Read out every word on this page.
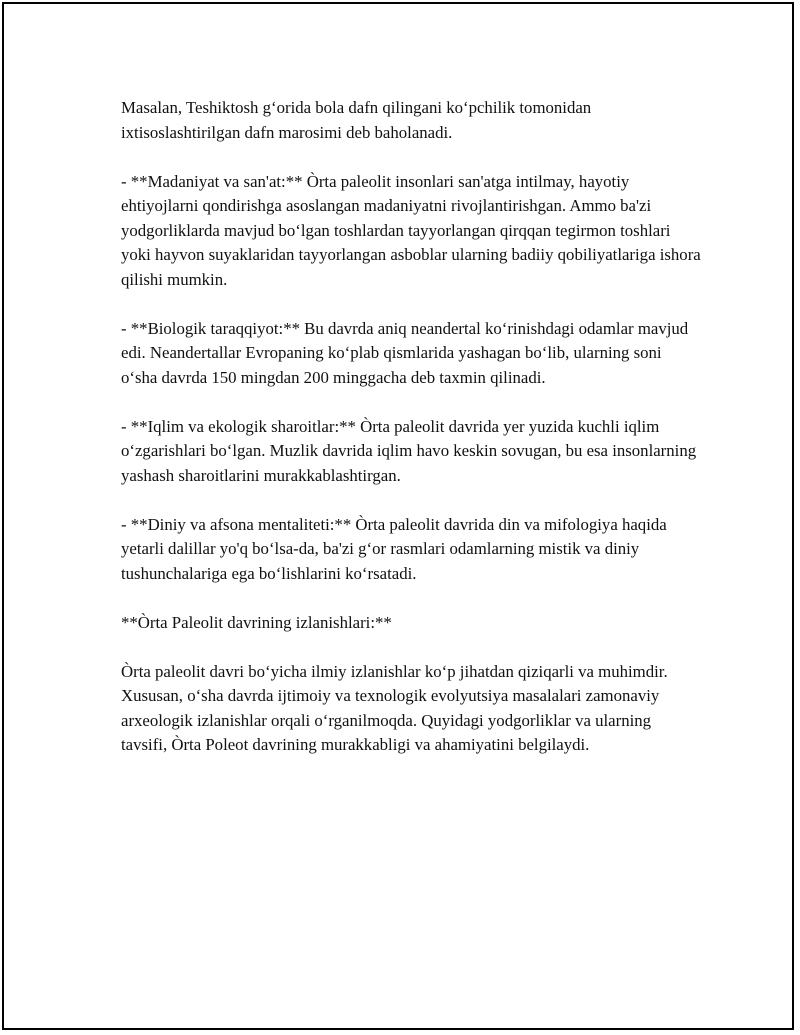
Masalan, Teshiktosh g‘orida bola dafn qilingani ko‘pchilik tomonidan ixtisoslashtirilgan dafn marosimi deb baholanadi.

- **Madaniyat va san'at:** Òrta paleolit insonlari san'atga intilmay, hayotiy ehtiyojlarni qondirishga asoslangan madaniyatni rivojlantirishgan. Ammo ba'zi yodgorliklarda mavjud bo‘lgan toshlardan tayyorlangan qirqqan tegirmon toshlari yoki hayvon suyaklaridan tayyorlangan asboblar ularning badiiy qobiliyatlariga ishora qilishi mumkin.

- **Biologik taraqqiyot:** Bu davrda aniq neandertal ko‘rinishdagi odamlar mavjud edi. Neandertallar Evropaning ko‘plab qismlarida yashagan bo‘lib, ularning soni o‘sha davrda 150 mingdan 200 minggacha deb taxmin qilinadi.

- **Iqlim va ekologik sharoitlar:** Òrta paleolit davrida yer yuzida kuchli iqlim o‘zgarishlari bo‘lgan. Muzlik davrida iqlim havo keskin sovugan, bu esa insonlarning yashash sharoitlarini murakkablashtirgan.

- **Diniy va afsona mentaliteti:** Òrta paleolit davrida din va mifologiya haqida yetarli dalillar yo'q bo‘lsa-da, ba'zi g‘or rasmlari odamlarning mistik va diniy tushunchalariga ega bo‘lishlarini ko‘rsatadi.

**Òrta Paleolit davrining izlanishlari:**

Òrta paleolit davri bo‘yicha ilmiy izlanishlar ko‘p jihatdan qiziqarli va muhimdir. Xususan, o‘sha davrda ijtimoiy va texnologik evolyutsiya masalalari zamonaviy arxeologik izlanishlar orqali o‘rganilmoqda. Quyidagi yodgorliklar va ularning tavsifi, Òrta Poleot davrining murakkabligi va ahamiyatini belgilaydi.
